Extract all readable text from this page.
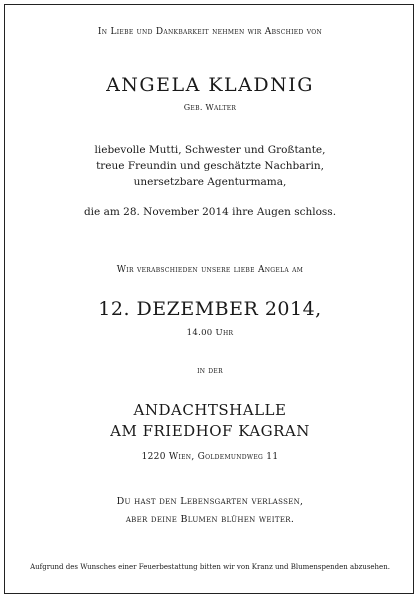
In Liebe und Dankbarkeit nehmen wir Abschied von
ANGELA KLADNIG
Geb. Walter
liebevolle Mutti, Schwester und Großtante,
treue Freundin und geschätzte Nachbarin,
unersetzbare Agenturmama,
die am 28. November 2014 ihre Augen schloss.
Wir verabschieden unsere liebe Angela am
12. DEZEMBER 2014,
14.00 Uhr
in der
ANDACHTSHALLE
AM FRIEDHOF KAGRAN
1220 Wien, Goldemundweg 11
Du hast den Lebensgarten verlassen,
aber deine Blumen blühen weiter.
Aufgrund des Wunsches einer Feuerbestattung bitten wir von Kranz und Blumenspenden abzusehen.
